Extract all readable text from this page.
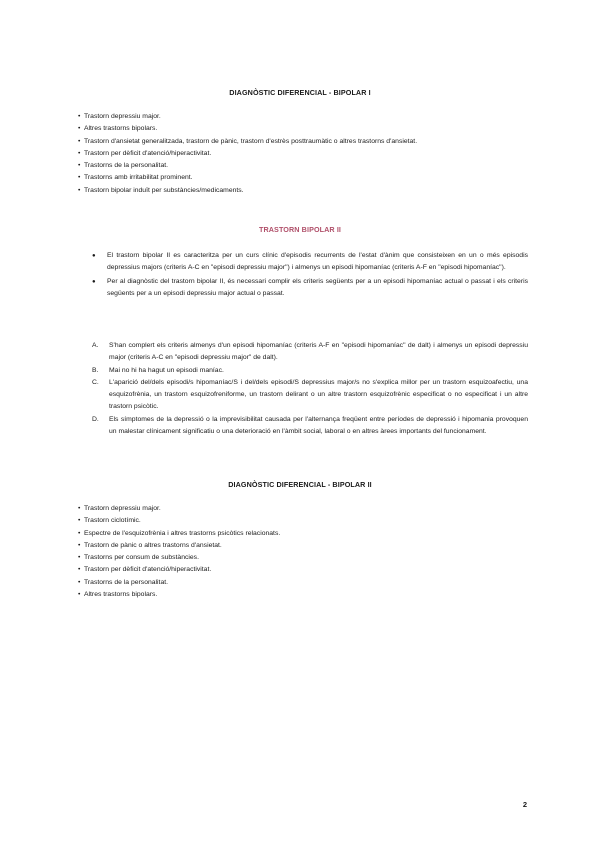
DIAGNÒSTIC DIFERENCIAL - BIPOLAR I
• Trastorn depressiu major.
• Altres trastorns bipolars.
• Trastorn d'ansietat generalitzada, trastorn de pànic, trastorn d'estrès posttraumàtic o altres trastorns d'ansietat.
• Trastorn per dèficit d'atenció/hiperactivitat.
• Trastorns de la personalitat.
• Trastorns amb irritabilitat prominent.
• Trastorn bipolar induït per substàncies/medicaments.
TRASTORN BIPOLAR II
● El trastorn bipolar II es caracteritza per un curs clínic d'episodis recurrents de l'estat d'ànim que consisteixen en un o més episodis depressius majors (criteris A-C en "episodi depressiu major") i almenys un episodi hipomaníac (criteris A-F en "episodi hipomaníac").
● Per al diagnòstic del trastorn bipolar II, és necessari complir els criteris següents per a un episodi hipomaníac actual o passat i els criteris següents per a un episodi depressiu major actual o passat.
A. S'han complert els criteris almenys d'un episodi hipomaníac (criteris A-F en "episodi hipomaníac" de dalt) i almenys un episodi depressiu major (criteris A-C en "episodi depressiu major" de dalt).
B. Mai no hi ha hagut un episodi maníac.
C. L'aparició del/dels episodi/s hipomaníac/S i del/dels episodi/S depressius major/s no s'explica millor per un trastorn esquizoafectiu, una esquizofrènia, un trastorn esquizofreniforme, un trastorn delirant o un altre trastorn esquizofrènic especificat o no especificat i un altre trastorn psicòtic.
D. Els símptomes de la depressió o la imprevisibilitat causada per l'alternança freqüent entre períodes de depressió i hipomania provoquen un malestar clínicament significatiu o una deterioració en l'àmbit social, laboral o en altres àrees importants del funcionament.
DIAGNÒSTIC DIFERENCIAL - BIPOLAR II
• Trastorn depressiu major.
• Trastorn ciclotímic.
• Espectre de l'esquizofrènia i altres trastorns psicòtics relacionats.
• Trastorn de pànic o altres trastorns d'ansietat.
• Trastorns per consum de substàncies.
• Trastorn per dèficit d'atenció/hiperactivitat.
• Trastorns de la personalitat.
• Altres trastorns bipolars.
2
